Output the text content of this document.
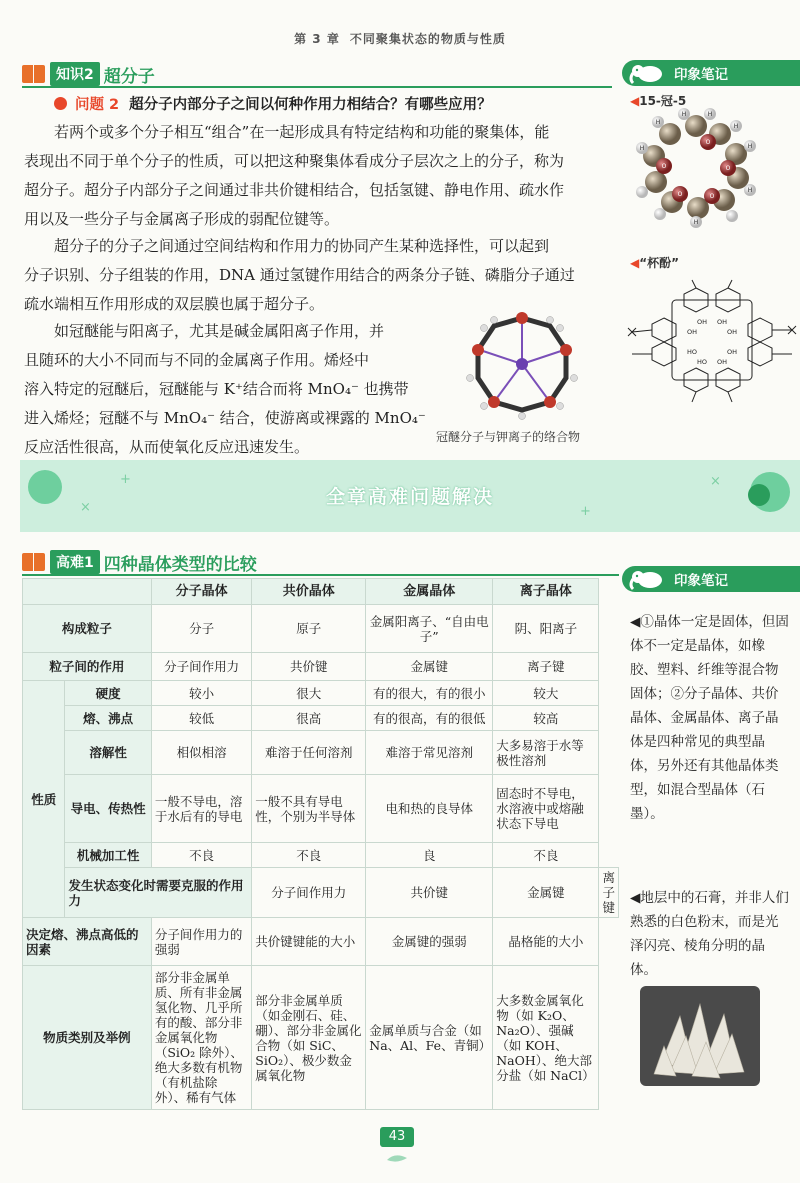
第 3 章 不同聚集状态的物质与性质
知识2 超分子
问题 2 超分子内部分子之间以何种作用力相结合？有哪些应用？
若两个或多个分子相互“组合”在一起形成具有特定结构和功能的聚集体，能
表现出不同于单个分子的性质，可以把这种聚集体看成分子层次之上的分子，称为
超分子。超分子内部分子之间通过非共价键相结合，包括氢键、静电作用、疏水作
用以及一些分子与金属离子形成的弱配位键等。
超分子的分子之间通过空间结构和作用力的协同产生某种选择性，可以起到
分子识别、分子组装的作用，DNA 通过氢键作用结合的两条分子链、磷脂分子通过
疏水端相互作用形成的双层膜也属于超分子。
如冠醚能与阳离子，尤其是碱金属阳离子作用，并
且随环的大小不同而与不同的金属离子作用。烯烃中
溶入特定的冠醚后，冠醚能与 K⁺结合而将 MnO₄⁻ 也携带
进入烯烃；冠醚不与 MnO₄⁻ 结合，使游离或裸露的 MnO₄⁻
反应活性很高，从而使氧化反应迅速发生。
冠醚分子与钾离子的络合物
印象笔记
◀15-冠-5
H	H
H
H
H
H
H
H
O
O
O
O
O
◀“杯酚”
OH OH
OH	OH
HO	OH
HO OH
+
×	+
×
全章高难问题解决
高难1 四种晶体类型的比较
印象笔记
◀①晶体一定是固体，但固体不一定是晶体，如橡胶、塑料、纤维等混合物固体；②分子晶体、共价晶体、金属晶体、离子晶体是四种常见的典型晶体，另外还有其他晶体类型，如混合型晶体（石墨）。
◀地层中的石膏，并非人们熟悉的白色粉末，而是光泽闪亮、棱角分明的晶体。
		分子晶体	共价晶体	金属晶体	离子晶体	
构成粒子		分子	原子	金属阳离子、“自由电子”	阴、阳离子	
粒子间的作用		分子间作用力	共价键	金属键	离子键	
性质	硬度	较小	很大	有的很大，有的很小	较大	
	熔、沸点	较低	很高	有的很高，有的很低	较高	
	溶解性	相似相溶	难溶于任何溶剂	难溶于常见溶剂	大多易溶于水等极性溶剂	
	导电、传热性	一般不导电，溶于水后有的导电	一般不具有导电性，个别为半导体	电和热的良导体	固态时不导电，水溶液中或熔融状态下导电	
	机械加工性	不良	不良	良	不良	
	发生状态变化时需要克服的作用力		分子间作用力	共价键	金属键	离子键
决定熔、沸点高低的因素		分子间作用力的强弱	共价键键能的大小	金属键的强弱	晶格能的大小	
物质类别及举例		部分非金属单质、所有非金属氢化物、几乎所有的酸、部分非金属氧化物（SiO₂ 除外）、绝大多数有机物（有机盐除外）、稀有气体	部分非金属单质（如金刚石、硅、硼）、部分非金属化合物（如 SiC、SiO₂）、极少数金属氧化物	金属单质与合金（如 Na、Al、Fe、青铜）	大多数金属氧化物（如 K₂O、Na₂O）、强碱（如 KOH、NaOH）、绝大部分盐（如 NaCl）	
43
